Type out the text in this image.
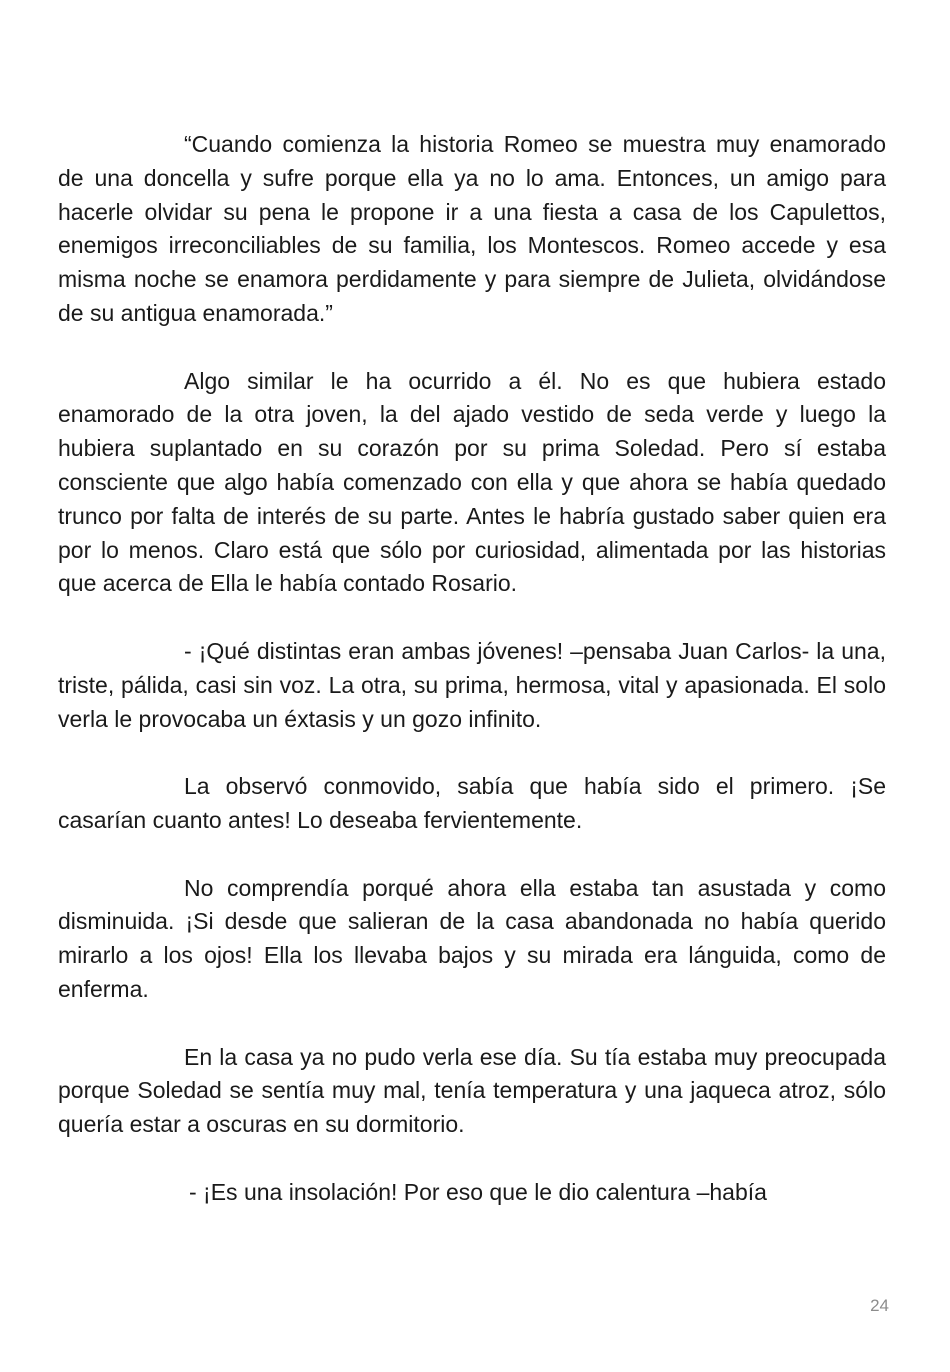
“Cuando comienza la historia Romeo se muestra muy enamorado de una doncella y sufre porque ella ya no lo ama. Entonces, un amigo para hacerle olvidar su pena le propone ir a una fiesta a casa de los Capulettos, enemigos irreconciliables de su familia, los Montescos. Romeo accede y esa misma noche se enamora perdidamente y para siempre de Julieta, olvidándose de su antigua enamorada.”

Algo similar le ha ocurrido a él. No es que hubiera estado enamorado de la otra joven, la del ajado vestido de seda verde y luego la hubiera suplantado en su corazón por su prima Soledad. Pero sí estaba consciente que algo había comenzado con ella y que ahora se había quedado trunco por falta de interés de su parte. Antes le habría gustado saber quien era por lo menos. Claro está que sólo por curiosidad, alimentada por las historias que acerca de Ella le había contado Rosario.

- ¡Qué distintas eran ambas jóvenes! –pensaba Juan Carlos- la una, triste, pálida, casi sin voz. La otra, su prima, hermosa, vital y apasionada. El solo verla le provocaba un éxtasis y un gozo infinito.

La observó conmovido, sabía que había sido el primero. ¡Se casarían cuanto antes! Lo deseaba fervientemente.

No comprendía porqué ahora ella estaba tan asustada y como disminuida. ¡Si desde que salieran de la casa abandonada no había querido mirarlo a los ojos! Ella los llevaba bajos y su mirada era lánguida, como de enferma.

En la casa ya no pudo verla ese día. Su tía estaba muy preocupada porque Soledad se sentía muy mal, tenía temperatura y una jaqueca atroz, sólo quería estar a oscuras en su dormitorio.

- ¡Es una insolación! Por eso que le dio calentura –había

24
